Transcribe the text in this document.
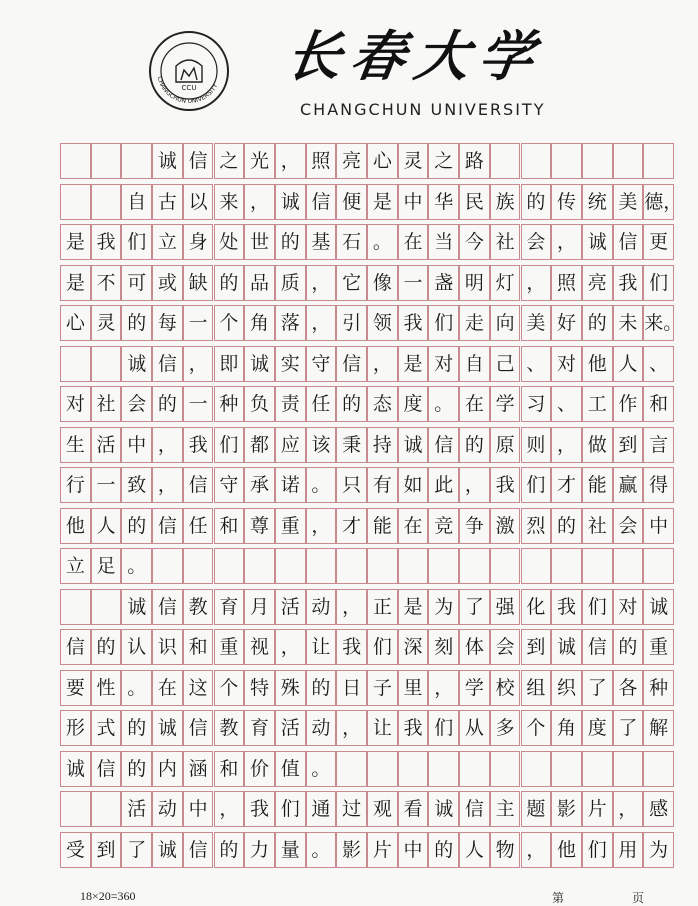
CCU
CHANGCHUN UNIVERSITY 长春大学
CHANGCHUN UNIVERSITY
诚 信 之 光 ， 照 亮 心 灵 之 路
自 古 以 来 ， 诚 信 便 是 中 华 民 族 的 传 统 美 德，
是 我 们 立 身 处 世 的 基 石 。 在 当 今 社 会 ， 诚 信 更
是 不 可 或 缺 的 品 质 ， 它 像 一 盏 明 灯 ， 照 亮 我 们
心 灵 的 每 一 个 角 落 ， 引 领 我 们 走 向 美 好 的 未 来。
诚 信 ， 即 诚 实 守 信 ， 是 对 自 己 、 对 他 人 、
对 社 会 的 一 种 负 责 任 的 态 度 。 在 学 习 、 工 作 和
生 活 中 ， 我 们 都 应 该 秉 持 诚 信 的 原 则 ， 做 到 言
行 一 致 ， 信 守 承 诺 。 只 有 如 此 ， 我 们 才 能 赢 得
他 人 的 信 任 和 尊 重 ， 才 能 在 竞 争 激 烈 的 社 会 中
立 足 。
诚 信 教 育 月 活 动 ， 正 是 为 了 强 化 我 们 对 诚
信 的 认 识 和 重 视 ， 让 我 们 深 刻 体 会 到 诚 信 的 重
要 性 。 在 这 个 特 殊 的 日 子 里 ， 学 校 组 织 了 各 种
形 式 的 诚 信 教 育 活 动 ， 让 我 们 从 多 个 角 度 了 解
诚 信 的 内 涵 和 价 值 。
活 动 中 ， 我 们 通 过 观 看 诚 信 主 题 影 片 ， 感
受 到 了 诚 信 的 力 量 。 影 片 中 的 人 物 ， 他 们 用 为
18×20=360	第	页
